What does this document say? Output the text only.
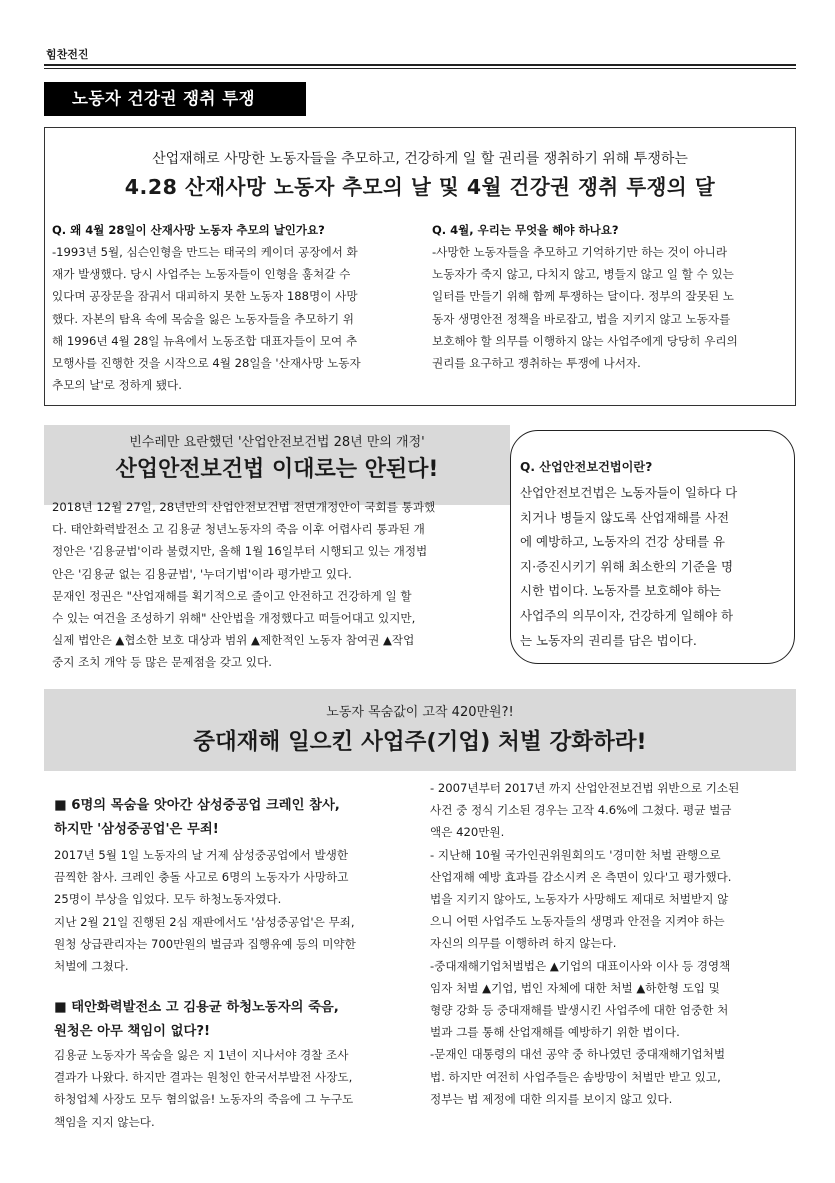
힘찬전진
노동자 건강권 쟁취 투쟁
산업재해로 사망한 노동자들을 추모하고, 건강하게 일 할 권리를 쟁취하기 위해 투쟁하는
4.28 산재사망 노동자 추모의 날 및 4월 건강권 쟁취 투쟁의 달
Q. 왜 4월 28일이 산재사망 노동자 추모의 날인가요?
-1993년 5월, 심슨인형을 만드는 태국의 케이더 공장에서 화
재가 발생했다. 당시 사업주는 노동자들이 인형을 훔쳐갈 수
있다며 공장문을 잠궈서 대피하지 못한 노동자 188명이 사망
했다. 자본의 탐욕 속에 목숨을 잃은 노동자들을 추모하기 위
해 1996년 4월 28일 뉴욕에서 노동조합 대표자들이 모여 추
모행사를 진행한 것을 시작으로 4월 28일을 '산재사망 노동자
추모의 날'로 정하게 됐다.
Q. 4월, 우리는 무엇을 해야 하나요?
-사망한 노동자들을 추모하고 기억하기만 하는 것이 아니라
노동자가 죽지 않고, 다치지 않고, 병들지 않고 일 할 수 있는
일터를 만들기 위해 함께 투쟁하는 달이다. 정부의 잘못된 노
동자 생명안전 정책을 바로잡고, 법을 지키지 않고 노동자를
보호해야 할 의무를 이행하지 않는 사업주에게 당당히 우리의
권리를 요구하고 쟁취하는 투쟁에 나서자.
빈수레만 요란했던 '산업안전보건법 28년 만의 개정'
산업안전보건법 이대로는 안된다!
2018년 12월 27일, 28년만의 산업안전보건법 전면개정안이 국회를 통과했
다. 태안화력발전소 고 김용균 청년노동자의 죽음 이후 어렵사리 통과된 개
정안은 '김용균법'이라 불렸지만, 올해 1월 16일부터 시행되고 있는 개정법
안은 '김용균 없는 김용균법', '누더기법'이라 평가받고 있다.
문재인 정권은 "산업재해를 획기적으로 줄이고 안전하고 건강하게 일 할
수 있는 여건을 조성하기 위해" 산안법을 개정했다고 떠들어대고 있지만,
실제 법안은 ▲협소한 보호 대상과 범위 ▲제한적인 노동자 참여권 ▲작업
중지 조치 개악 등 많은 문제점을 갖고 있다.
Q. 산업안전보건법이란?
산업안전보건법은 노동자들이 일하다 다
치거나 병들지 않도록 산업재해를 사전
에 예방하고, 노동자의 건강 상태를 유
지·증진시키기 위해 최소한의 기준을 명
시한 법이다. 노동자를 보호해야 하는
사업주의 의무이자, 건강하게 일해야 하
는 노동자의 권리를 담은 법이다.
노동자 목숨값이 고작 420만원?!
중대재해 일으킨 사업주(기업) 처벌 강화하라!
■ 6명의 목숨을 앗아간 삼성중공업 크레인 참사,
하지만 '삼성중공업'은 무죄!
2017년 5월 1일 노동자의 날 거제 삼성중공업에서 발생한
끔찍한 참사. 크레인 충돌 사고로 6명의 노동자가 사망하고
25명이 부상을 입었다. 모두 하청노동자였다.
지난 2월 21일 진행된 2심 재판에서도 '삼성중공업'은 무죄,
원청 상급관리자는 700만원의 벌금과 집행유예 등의 미약한
처벌에 그쳤다.
■ 태안화력발전소 고 김용균 하청노동자의 죽음,
원청은 아무 책임이 없다?!
김용균 노동자가 목숨을 잃은 지 1년이 지나서야 경찰 조사
결과가 나왔다. 하지만 결과는 원청인 한국서부발전 사장도,
하청업체 사장도 모두 혐의없음! 노동자의 죽음에 그 누구도
책임을 지지 않는다.
- 2007년부터 2017년 까지 산업안전보건법 위반으로 기소된
사건 중 정식 기소된 경우는 고작 4.6%에 그쳤다. 평균 벌금
액은 420만원.
- 지난해 10월 국가인권위원회의도 '경미한 처벌 관행으로
산업재해 예방 효과를 감소시켜 온 측면이 있다'고 평가했다.
법을 지키지 않아도, 노동자가 사망해도 제대로 처벌받지 않
으니 어떤 사업주도 노동자들의 생명과 안전을 지켜야 하는
자신의 의무를 이행하려 하지 않는다.
-중대재해기업처벌법은 ▲기업의 대표이사와 이사 등 경영책
임자 처벌 ▲기업, 법인 자체에 대한 처벌 ▲하한형 도입 및
형량 강화 등 중대재해를 발생시킨 사업주에 대한 엄중한 처
벌과 그를 통해 산업재해를 예방하기 위한 법이다.
-문재인 대통령의 대선 공약 중 하나였던 중대재해기업처벌
법. 하지만 여전히 사업주들은 솜방망이 처벌만 받고 있고,
정부는 법 제정에 대한 의지를 보이지 않고 있다.
